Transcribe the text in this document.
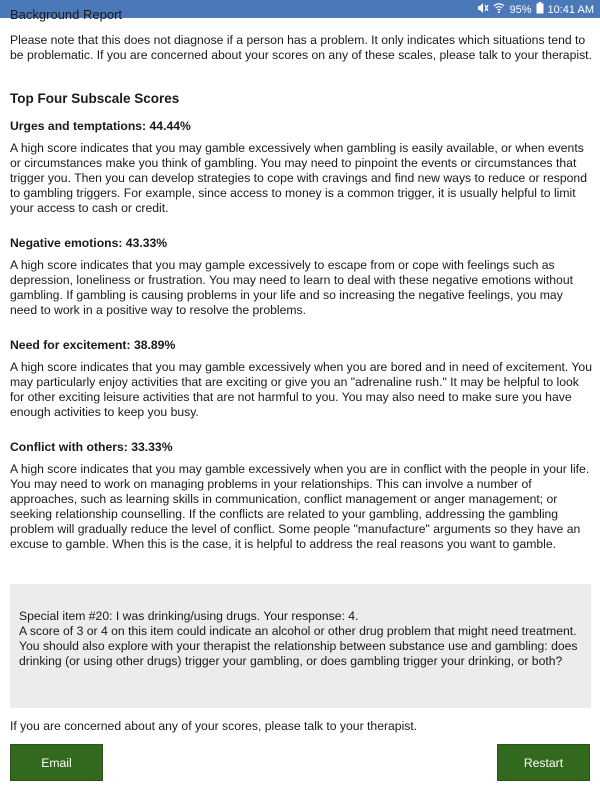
95% 10:41 AM
Background Report

Please note that this does not diagnose if a person has a problem. It only indicates which situations tend to be problematic. If you are concerned about your scores on any of these scales, please talk to your therapist.

Top Four Subscale Scores

Urges and temptations: 44.44%

A high score indicates that you may gamble excessively when gambling is easily available, or when events or circumstances make you think of gambling. You may need to pinpoint the events or circumstances that trigger you. Then you can develop strategies to cope with cravings and find new ways to reduce or respond to gambling triggers. For example, since access to money is a common trigger, it is usually helpful to limit your access to cash or credit.

Negative emotions: 43.33%

A high score indicates that you may gample excessively to escape from or cope with feelings such as depression, loneliness or frustration. You may need to learn to deal with these negative emotions without gambling. If gambling is causing problems in your life and so increasing the negative feelings, you may need to work in a positive way to resolve the problems.

Need for excitement: 38.89%

A high score indicates that you may gamble excessively when you are bored and in need of excitement. You may particularly enjoy activities that are exciting or give you an "adrenaline rush." It may be helpful to look for other exciting leisure activities that are not harmful to you. You may also need to make sure you have enough activities to keep you busy.

Conflict with others: 33.33%

A high score indicates that you may gamble excessively when you are in conflict with the people in your life. You may need to work on managing problems in your relationships. This can involve a number of approaches, such as learning skills in communication, conflict management or anger management; or seeking relationship counselling. If the conflicts are related to your gambling, addressing the gambling problem will gradually reduce the level of conflict. Some people "manufacture" arguments so they have an excuse to gamble. When this is the case, it is helpful to address the real reasons you want to gamble.

Special item #20: I was drinking/using drugs. Your response: 4.

A score of 3 or 4 on this item could indicate an alcohol or other drug problem that might need treatment. You should also explore with your therapist the relationship between substance use and gambling: does drinking (or using other drugs) trigger your gambling, or does gambling trigger your drinking, or both?

If you are concerned about any of your scores, please talk to your therapist.
Email	Restart
